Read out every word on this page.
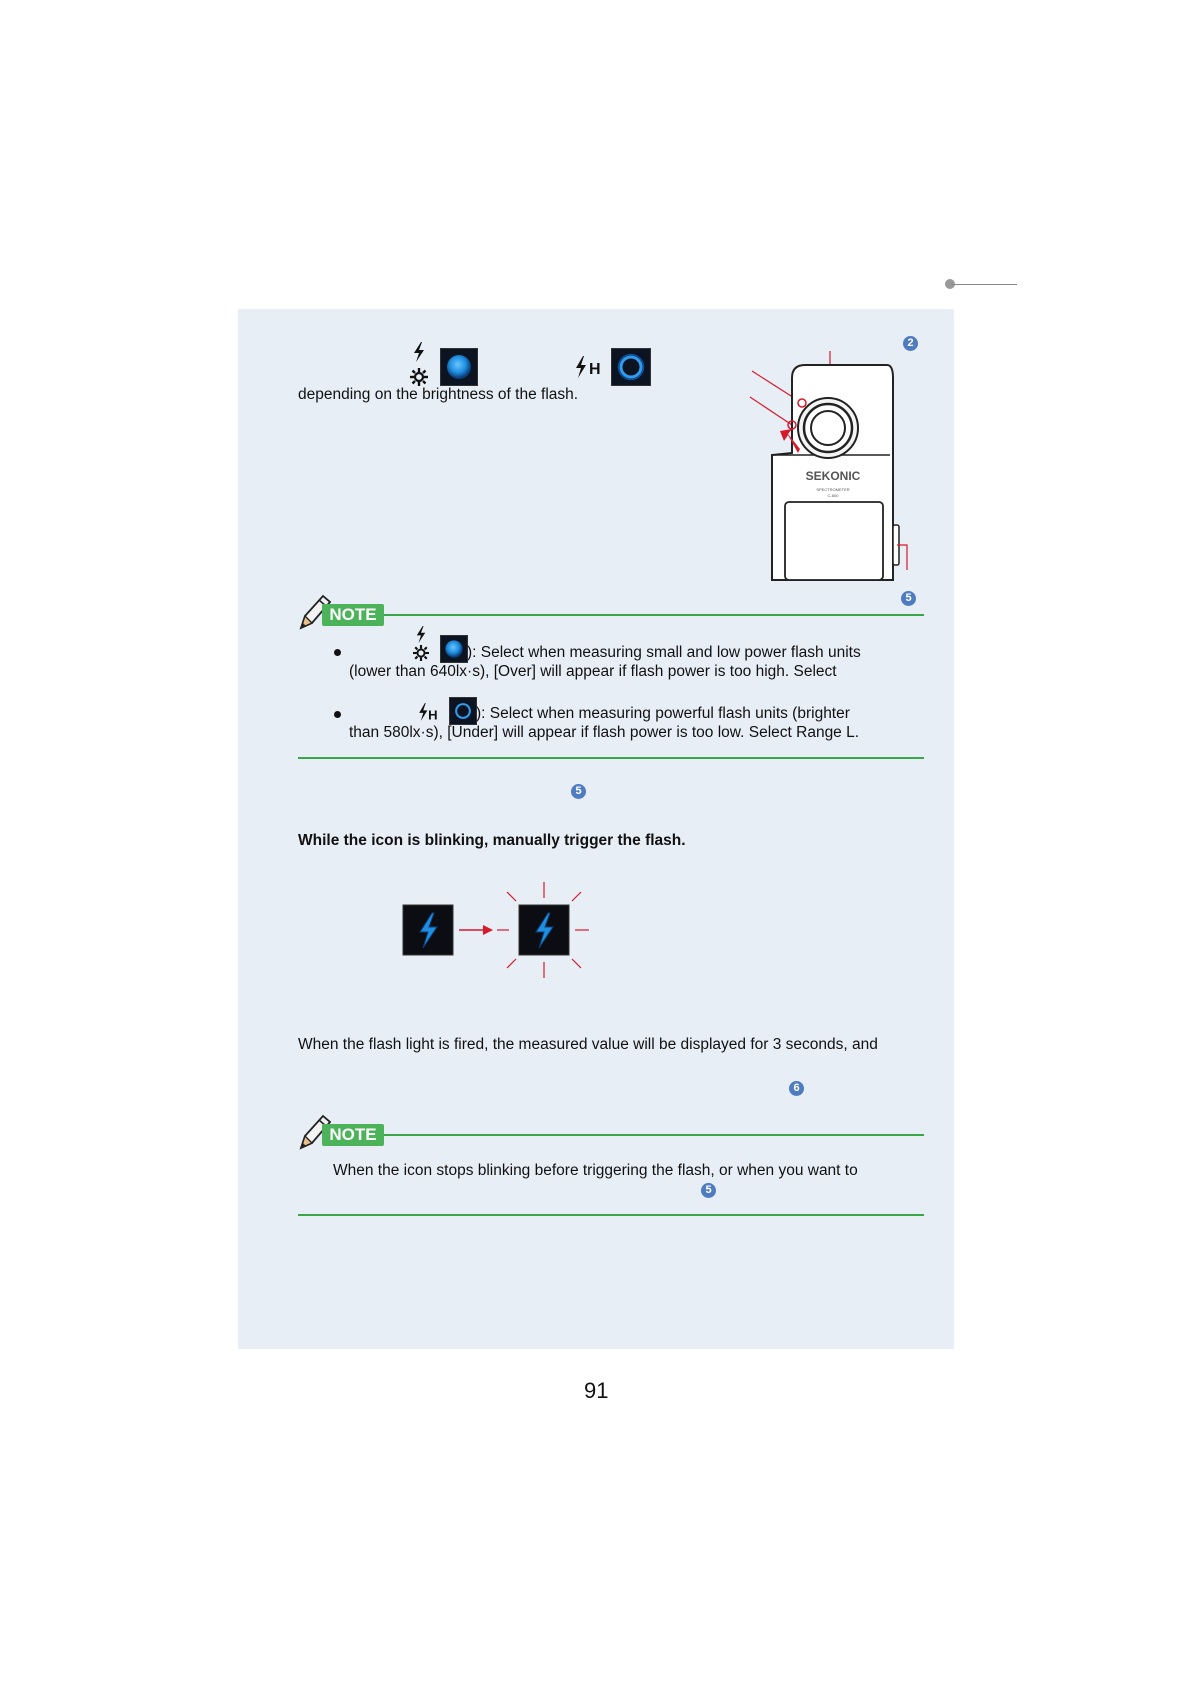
H
2
depending on the brightness of the flash.
SEKONIC
SPECTROMETER
C-800
5
NOTE
): Select when measuring small and low power flash units
(lower than 640lx·s), [Over] will appear if flash power is too high. Select
H ): Select when measuring powerful flash units (brighter
than 580lx·s), [Under] will appear if flash power is too low. Select Range L.
5
While the icon is blinking, manually trigger the flash.
When the flash light is fired, the measured value will be displayed for 3 seconds, and
6
NOTE
When the icon stops blinking before triggering the flash, or when you want to
5
91
